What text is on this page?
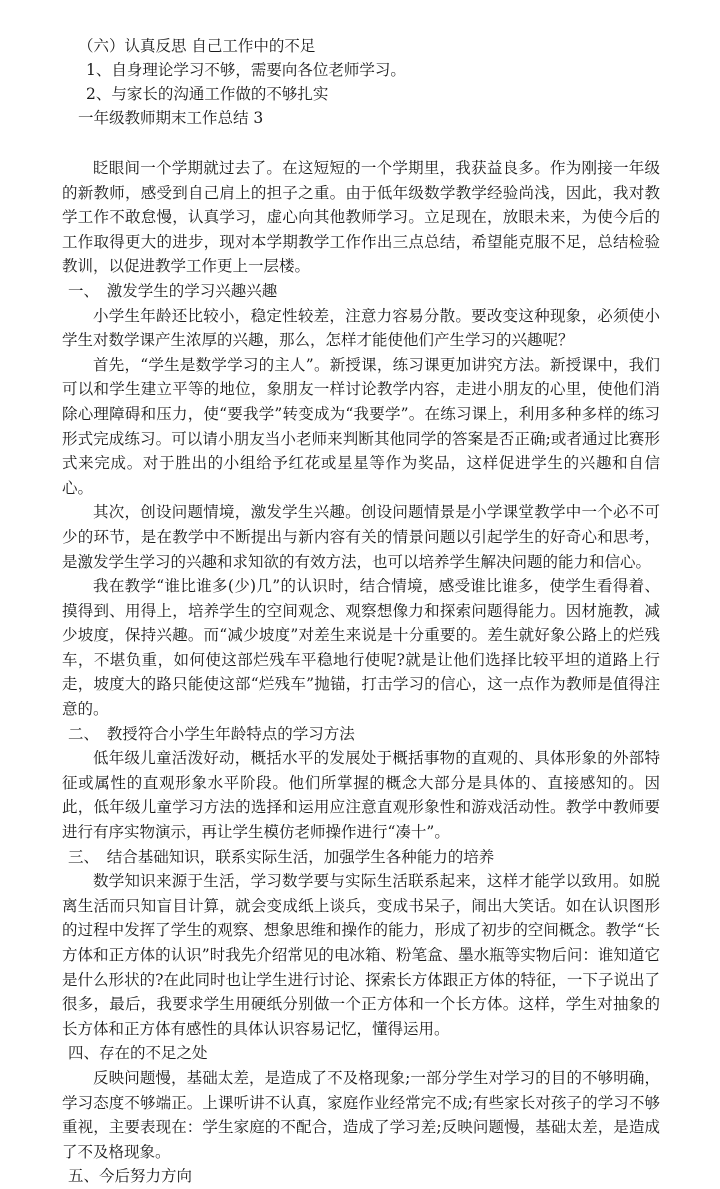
（六）认真反思 自己工作中的不足
1、自身理论学习不够，需要向各位老师学习。
2、与家长的沟通工作做的不够扎实
一年级教师期末工作总结 3

眨眼间一个学期就过去了。在这短短的一个学期里，我获益良多。作为刚接一年级的新教师，感受到自己肩上的担子之重。由于低年级数学教学经验尚浅，因此，我对教学工作不敢怠慢，认真学习，虚心向其他教师学习。立足现在，放眼未来，为使今后的工作取得更大的进步，现对本学期教学工作作出三点总结，希望能克服不足，总结检验教训，以促进教学工作更上一层楼。

一、　激发学生的学习兴趣兴趣

小学生年龄还比较小，稳定性较差，注意力容易分散。要改变这种现象，必须使小学生对数学课产生浓厚的兴趣，那么，怎样才能使他们产生学习的兴趣呢？

首先，“学生是数学学习的主人”。新授课，练习课更加讲究方法。新授课中，我们可以和学生建立平等的地位，象朋友一样讨论教学内容，走进小朋友的心里，使他们消除心理障碍和压力，使“要我学”转变成为“我要学”。在练习课上，利用多种多样的练习形式完成练习。可以请小朋友当小老师来判断其他同学的答案是否正确;或者通过比赛形式来完成。对于胜出的小组给予红花或星星等作为奖品，这样促进学生的兴趣和自信心。

其次，创设问题情境，激发学生兴趣。创设问题情景是小学课堂教学中一个必不可少的环节，是在教学中不断提出与新内容有关的情景问题以引起学生的好奇心和思考，是激发学生学习的兴趣和求知欲的有效方法，也可以培养学生解决问题的能力和信心。

我在教学“谁比谁多(少)几”的认识时，结合情境，感受谁比谁多，使学生看得着、摸得到、用得上，培养学生的空间观念、观察想像力和探索问题得能力。因材施教，减少坡度，保持兴趣。而“减少坡度”对差生来说是十分重要的。差生就好象公路上的烂残车，不堪负重，如何使这部烂残车平稳地行使呢?就是让他们选择比较平坦的道路上行走，坡度大的路只能使这部“烂残车”抛锚，打击学习的信心，这一点作为教师是值得注意的。

二、　教授符合小学生年龄特点的学习方法

低年级儿童活泼好动，概括水平的发展处于概括事物的直观的、具体形象的外部特征或属性的直观形象水平阶段。他们所掌握的概念大部分是具体的、直接感知的。因此，低年级儿童学习方法的选择和运用应注意直观形象性和游戏活动性。教学中教师要进行有序实物演示，再让学生模仿老师操作进行“凑十”。

三、　结合基础知识，联系实际生活，加强学生各种能力的培养

数学知识来源于生活，学习数学要与实际生活联系起来，这样才能学以致用。如脱离生活而只知盲目计算，就会变成纸上谈兵，变成书呆子，闹出大笑话。如在认识图形的过程中发挥了学生的观察、想象思维和操作的能力，形成了初步的空间概念。教学“长方体和正方体的认识”时我先介绍常见的电冰箱、粉笔盒、墨水瓶等实物后问：谁知道它是什么形状的?在此同时也让学生进行讨论、探索长方体跟正方体的特征，一下子说出了很多，最后，我要求学生用硬纸分别做一个正方体和一个长方体。这样，学生对抽象的长方体和正方体有感性的具体认识容易记忆，懂得运用。

四、存在的不足之处

反映问题慢，基础太差，是造成了不及格现象;一部分学生对学习的目的不够明确，学习态度不够端正。上课听讲不认真，家庭作业经常完不成;有些家长对孩子的学习不够重视，主要表现在：学生家庭的不配合，造成了学习差;反映问题慢，基础太差，是造成了不及格现象。

五、今后努力方向
